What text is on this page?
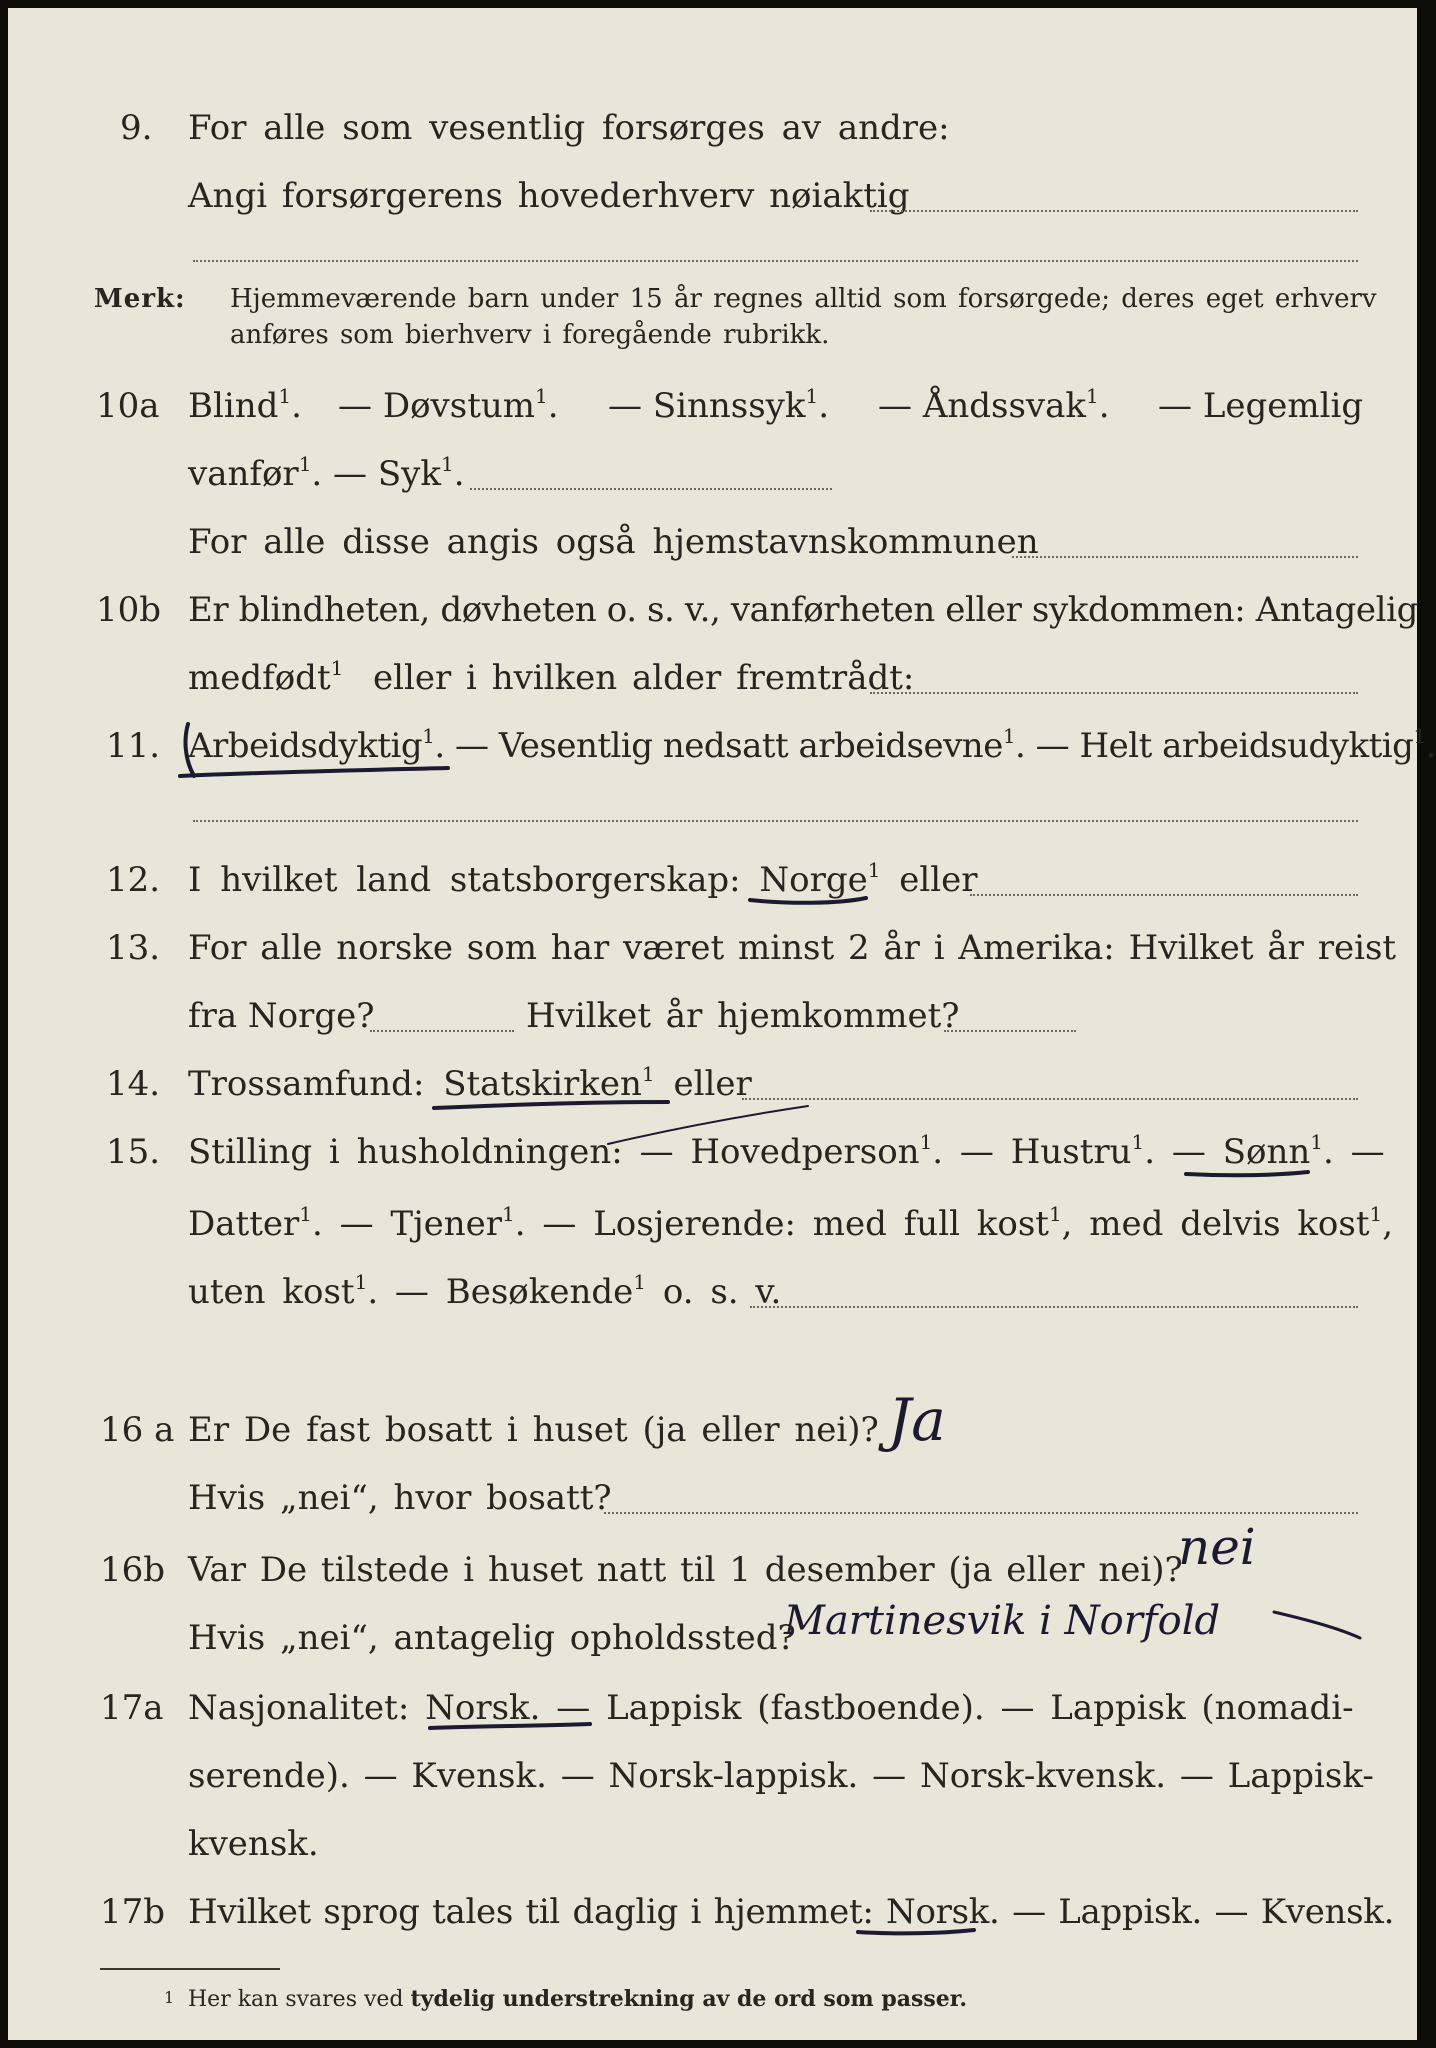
9. For alle som vesentlig forsørges av andre:
Angi forsørgerens hovederhverv nøiaktig
Merk: Hjemmeværende barn under 15 år regnes alltid som forsørgede; deres eget erhverv
anføres som bierhverv i foregående rubrikk.
10a Blind$^1$. — Døvstum$^1$. — Sinnssyk$^1$. — Åndssvak$^1$. — Legemlig
vanfør$^1$. — Syk$^1$.
For alle disse angis også hjemstavnskommunen
10b Er blindheten, døvheten o. s. v., vanførheten eller sykdommen: Antagelig
medfødt$^1$ eller i hvilken alder fremtrådt:
11. Arbeidsdyktig$^1$. — Vesentlig nedsatt arbeidsevne$^1$. — Helt arbeidsudyktig$^1$.
12. I hvilket land statsborgerskap: Norge$^1$ eller
13. For alle norske som har været minst 2 år i Amerika: Hvilket år reist
fra Norge?	Hvilket år hjemkommet?
14. Trossamfund: Statskirken$^1$ eller
15. Stilling i husholdningen: — Hovedperson$^1$. — Hustru$^1$. — Sønn$^1$. —
Datter$^1$. — Tjener$^1$. — Losjerende: med full kost$^1$, med delvis kost$^1$,
uten kost$^1$. — Besøkende$^1$ o. s. v.
16 a Er De fast bosatt i huset (ja eller nei)? Ja
Hvis „nei“, hvor bosatt?
16b Var De tilstede i huset natt til 1 desember (ja eller nei)?
nei
Hvis „nei“, antagelig opholdssted?
Martinesvik i Norfold
17a Nasjonalitet: Norsk. — Lappisk (fastboende). — Lappisk (nomadi-
serende). — Kvensk. — Norsk-lappisk. — Norsk-kvensk. — Lappisk-
kvensk.
17b Hvilket sprog tales til daglig i hjemmet: Norsk. — Lappisk. — Kvensk.
1 Her kan svares ved tydelig understrekning av de ord som passer.
